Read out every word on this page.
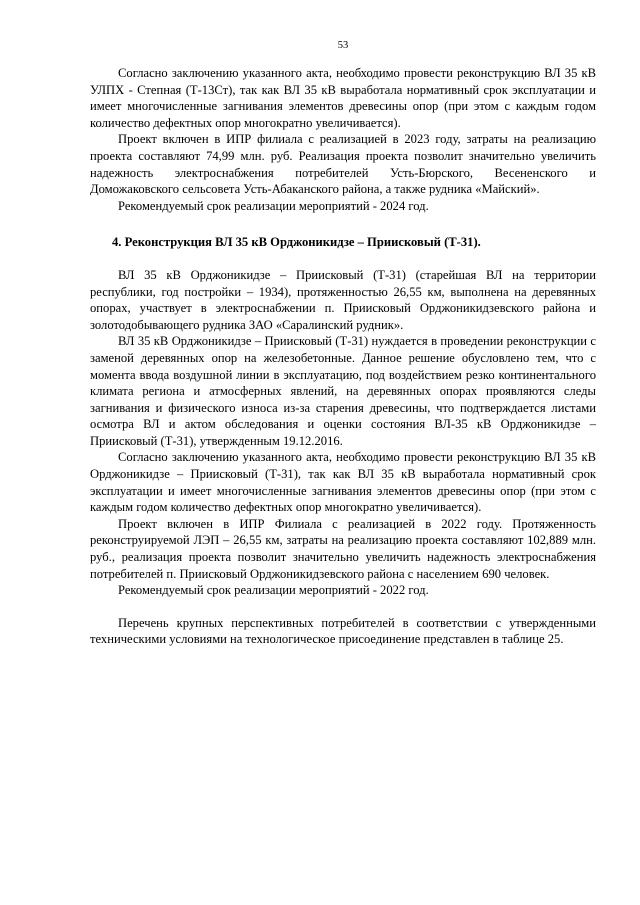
53

Согласно заключению указанного акта, необходимо провести реконструкцию ВЛ 35 кВ УЛПХ - Степная (Т-13Ст), так как ВЛ 35 кВ выработала нормативный срок эксплуатации и имеет многочисленные загнивания элементов древесины опор (при этом с каждым годом количество дефектных опор многократно увеличивается).

Проект включен в ИПР филиала с реализацией в 2023 году, затраты на реализацию проекта составляют 74,99 млн. руб. Реализация проекта позволит значительно увеличить надежность электроснабжения потребителей Усть-Бюрского, Весененского и Доможаковского сельсовета Усть-Абаканского района, а также рудника «Майский».

Рекомендуемый срок реализации мероприятий - 2024 год.

4. Реконструкция ВЛ 35 кВ Орджоникидзе – Приисковый (Т-31).

ВЛ 35 кВ Орджоникидзе – Приисковый (Т-31) (старейшая ВЛ на территории республики, год постройки – 1934), протяженностью 26,55 км, выполнена на деревянных опорах, участвует в электроснабжении п. Приисковый Орджоникидзевского района и золотодобывающего рудника ЗАО «Саралинский рудник».

ВЛ 35 кВ Орджоникидзе – Приисковый (Т-31) нуждается в проведении реконструкции с заменой деревянных опор на железобетонные. Данное решение обусловлено тем, что с момента ввода воздушной линии в эксплуатацию, под воздействием резко континентального климата региона и атмосферных явлений, на деревянных опорах проявляются следы загнивания и физического износа из-за старения древесины, что подтверждается листами осмотра ВЛ и актом обследования и оценки состояния ВЛ-35 кВ Орджоникидзе – Приисковый (Т-31), утвержденным 19.12.2016.

Согласно заключению указанного акта, необходимо провести реконструкцию ВЛ 35 кВ Орджоникидзе – Приисковый (Т-31), так как ВЛ 35 кВ выработала нормативный срок эксплуатации и имеет многочисленные загнивания элементов древесины опор (при этом с каждым годом количество дефектных опор многократно увеличивается).

Проект включен в ИПР Филиала с реализацией в 2022 году. Протяженность реконструируемой ЛЭП – 26,55 км, затраты на реализацию проекта составляют 102,889 млн. руб., реализация проекта позволит значительно увеличить надежность электроснабжения потребителей п. Приисковый Орджоникидзевского района с населением 690 человек.

Рекомендуемый срок реализации мероприятий - 2022 год.

Перечень крупных перспективных потребителей в соответствии с утвержденными техническими условиями на технологическое присоединение представлен в таблице 25.
